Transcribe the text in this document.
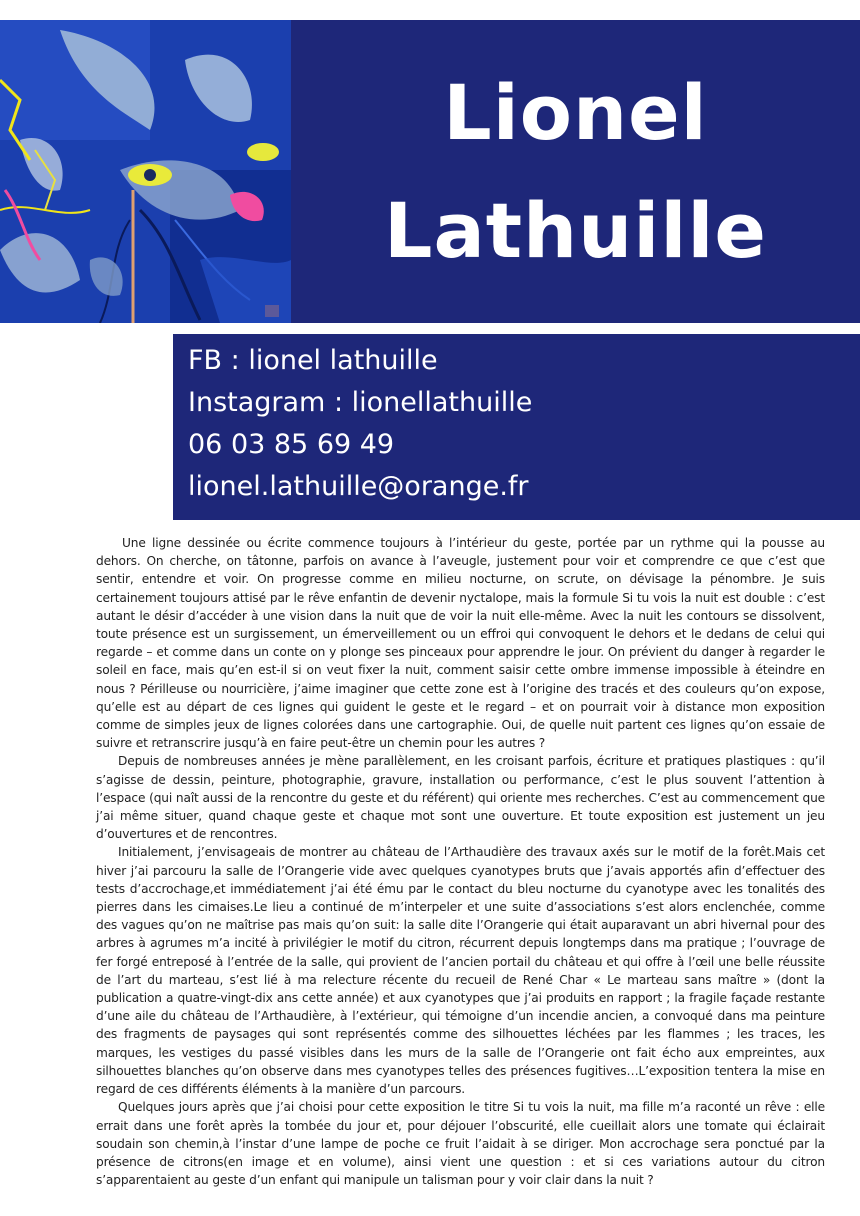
Lionel
Lathuille
FB : lionel lathuille
Instagram : lionellathuille
06 03 85 69 49
lionel.lathuille@orange.fr

Une ligne dessinée ou écrite commence toujours à l’intérieur du geste, portée par un rythme qui la pousse au dehors. On cherche, on tâtonne, parfois on avance à l’aveugle, justement pour voir et comprendre ce que c’est que sentir, entendre et voir. On progresse comme en milieu nocturne, on scrute, on dévisage la pénombre. Je suis certainement toujours attisé par le rêve enfantin de devenir nyctalope, mais la formule Si tu vois la nuit est double : c’est autant le désir d’accéder à une vision dans la nuit que de voir la nuit elle-même. Avec la nuit les contours se dissolvent, toute présence est un surgissement, un émerveillement ou un effroi qui convoquent le dehors et le dedans de celui qui regarde – et comme dans un conte on y plonge ses pinceaux pour apprendre le jour. On prévient du danger à regarder le soleil en face, mais qu’en est-il si on veut fixer la nuit, comment saisir cette ombre immense impossible à éteindre en nous ? Périlleuse ou nourricière, j’aime imaginer que cette zone est à l’origine des tracés et des couleurs qu’on expose, qu’elle est au départ de ces lignes qui guident le geste et le regard – et on pourrait voir à distance mon exposition comme de simples jeux de lignes colorées dans une cartographie. Oui, de quelle nuit partent ces lignes qu’on essaie de suivre et retranscrire jusqu’à en faire peut-être un chemin pour les autres ?

Depuis de nombreuses années je mène parallèlement, en les croisant parfois, écriture et pratiques plastiques : qu’il s’agisse de dessin, peinture, photographie, gravure, installation ou performance, c’est le plus souvent l’attention à l’espace (qui naît aussi de la rencontre du geste et du référent) qui oriente mes recherches. C’est au commencement que j’ai même situer, quand chaque geste et chaque mot sont une ouverture. Et toute exposition est justement un jeu d’ouvertures et de rencontres.

Initialement, j’envisageais de montrer au château de l’Arthaudière des travaux axés sur le motif de la forêt.Mais cet hiver j’ai parcouru la salle de l’Orangerie vide avec quelques cyanotypes bruts que j’avais apportés afin d’effectuer des tests d’accrochage,et immédiatement j’ai été ému par le contact du bleu nocturne du cyanotype avec les tonalités des pierres dans les cimaises.Le lieu a continué de m’interpeler et une suite d’associations s’est alors enclenchée, comme des vagues qu’on ne maîtrise pas mais qu’on suit: la salle dite l’Orangerie qui était auparavant un abri hivernal pour des arbres à agrumes m’a incité à privilégier le motif du citron, récurrent depuis longtemps dans ma pratique ; l’ouvrage de fer forgé entreposé à l’entrée de la salle, qui provient de l’ancien portail du château et qui offre à l’œil une belle réussite de l’art du marteau, s’est lié à ma relecture récente du recueil de René Char « Le marteau sans maître » (dont la publication a quatre-vingt-dix ans cette année) et aux cyanotypes que j’ai produits en rapport ; la fragile façade restante d’une aile du château de l’Arthaudière, à l’extérieur, qui témoigne d’un incendie ancien, a convoqué dans ma peinture des fragments de paysages qui sont représentés comme des silhouettes léchées par les flammes ; les traces, les marques, les vestiges du passé visibles dans les murs de la salle de l’Orangerie ont fait écho aux empreintes, aux silhouettes blanches qu’on observe dans mes cyanotypes telles des présences fugitives…L’exposition tentera la mise en regard de ces différents éléments à la manière d’un parcours.

Quelques jours après que j’ai choisi pour cette exposition le titre Si tu vois la nuit, ma fille m’a raconté un rêve : elle errait dans une forêt après la tombée du jour et, pour déjouer l’obscurité, elle cueillait alors une tomate qui éclairait soudain son chemin,à l’instar d’une lampe de poche ce fruit l’aidait à se diriger. Mon accrochage sera ponctué par la présence de citrons(en image et en volume), ainsi vient une question : et si ces variations autour du citron s’apparentaient au geste d’un enfant qui manipule un talisman pour y voir clair dans la nuit ?
